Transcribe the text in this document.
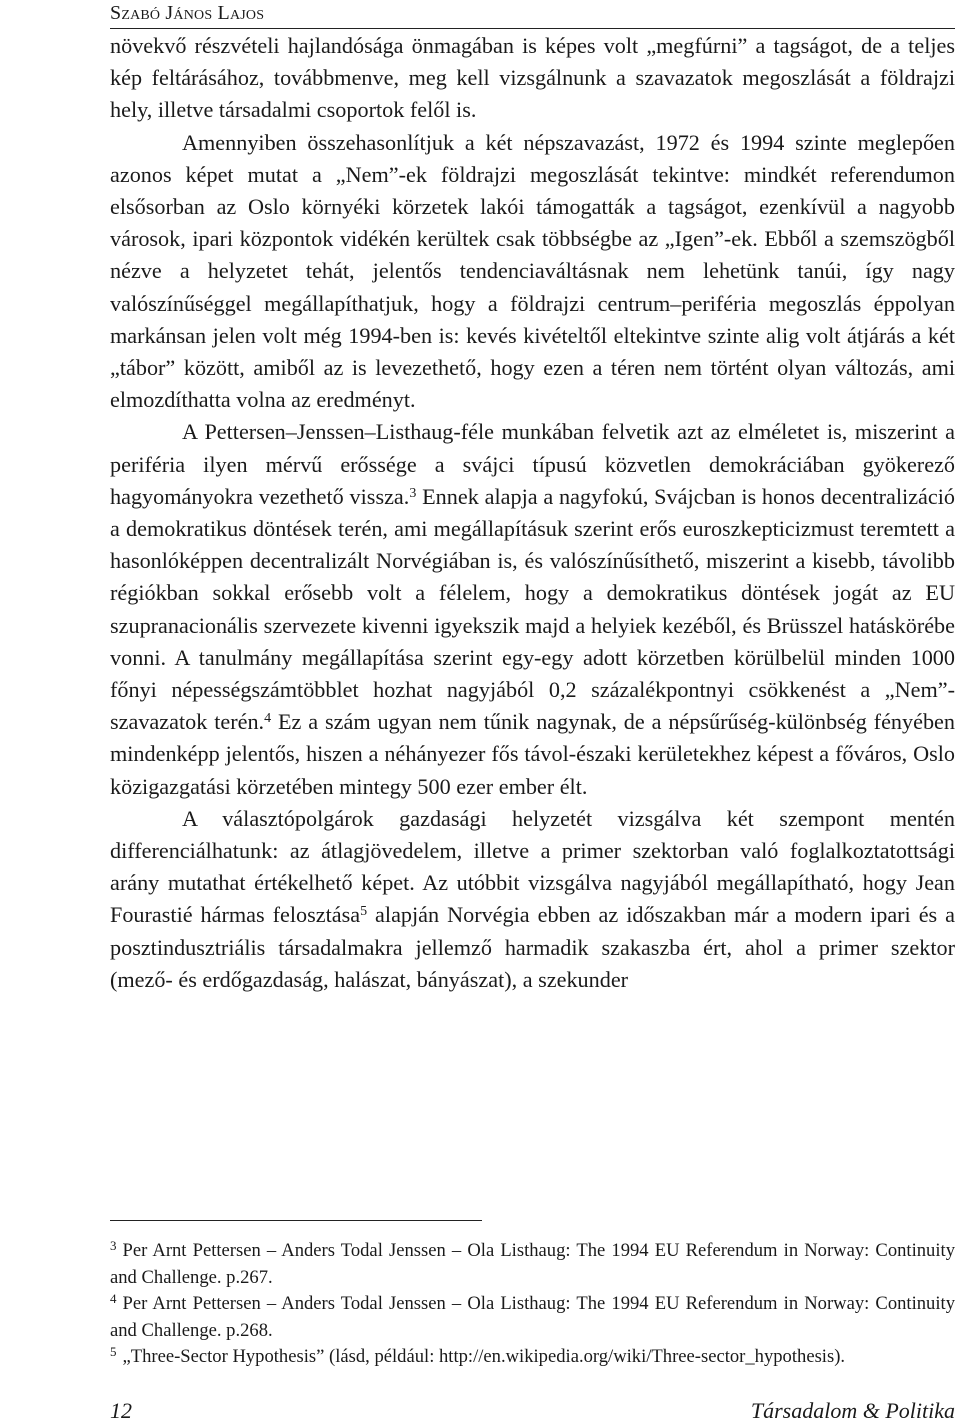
Szabó János Lajos

növekvő részvételi hajlandósága önmagában is képes volt „megfúrni” a tagságot, de a teljes kép feltárásához, továbbmenve, meg kell vizsgálnunk a szavazatok megoszlását a földrajzi hely, illetve társadalmi csoportok felől is.

Amennyiben összehasonlítjuk a két népszavazást, 1972 és 1994 szinte meglepően azonos képet mutat a „Nem”-ek földrajzi megoszlását tekintve: mindkét referendumon elsősorban az Oslo környéki körzetek lakói támogatták a tagságot, ezenkívül a nagyobb városok, ipari központok vidékén kerültek csak többségbe az „Igen”-ek. Ebből a szemszögből nézve a helyzetet tehát, jelentős tendenciaváltásnak nem lehetünk tanúi, így nagy valószínűséggel megállapíthatjuk, hogy a földrajzi centrum–periféria megoszlás éppolyan markánsan jelen volt még 1994-ben is: kevés kivételtől eltekintve szinte alig volt átjárás a két „tábor” között, amiből az is levezethető, hogy ezen a téren nem történt olyan változás, ami elmozdíthatta volna az eredményt.

A Pettersen–Jenssen–Listhaug-féle munkában felvetik azt az elméletet is, miszerint a periféria ilyen mérvű erőssége a svájci típusú közvetlen demokráciában gyökerező hagyományokra vezethető vissza.$^3$ Ennek alapja a nagyfokú, Svájcban is honos decentralizáció a demokratikus döntések terén, ami megállapításuk szerint erős euroszkepticizmust teremtett a hasonlóképpen decentralizált Norvégiában is, és valószínűsíthető, miszerint a kisebb, távolibb régiókban sokkal erősebb volt a félelem, hogy a demokratikus döntések jogát az EU szupranacionális szervezete kivenni igyekszik majd a helyiek kezéből, és Brüsszel hatáskörébe vonni. A tanulmány megállapítása szerint egy-egy adott körzetben körülbelül minden 1000 főnyi népességszámtöbblet hozhat nagyjából 0,2 százalékpontnyi csökkenést a „Nem”-szavazatok terén.$^4$ Ez a szám ugyan nem tűnik nagynak, de a népsűrűség-különbség fényében mindenképp jelentős, hiszen a néhányezer fős távol-északi kerületekhez képest a főváros, Oslo közigazgatási körzetében mintegy 500 ezer ember élt.

A választópolgárok gazdasági helyzetét vizsgálva két szempont mentén differenciálhatunk: az átlagjövedelem, illetve a primer szektorban való foglalkoztatottsági arány mutathat értékelhető képet. Az utóbbit vizsgálva nagyjából megállapítható, hogy Jean Fourastié hármas felosztása$^5$ alapján Norvégia ebben az időszakban már a modern ipari és a posztindusztriális társadalmakra jellemző harmadik szakaszba ért, ahol a primer szektor (mező- és erdőgazdaság, halászat, bányászat), a szekunder

$^3$ Per Arnt Pettersen – Anders Todal Jenssen – Ola Listhaug: The 1994 EU Referendum in Norway: Continuity and Challenge. p.267.

$^4$ Per Arnt Pettersen – Anders Todal Jenssen – Ola Listhaug: The 1994 EU Referendum in Norway: Continuity and Challenge. p.268.

$^5$ „Three-Sector Hypothesis” (lásd, például: http://en.wikipedia.org/wiki/Three-sector_hypothesis).

12	Társadalom & Politika
